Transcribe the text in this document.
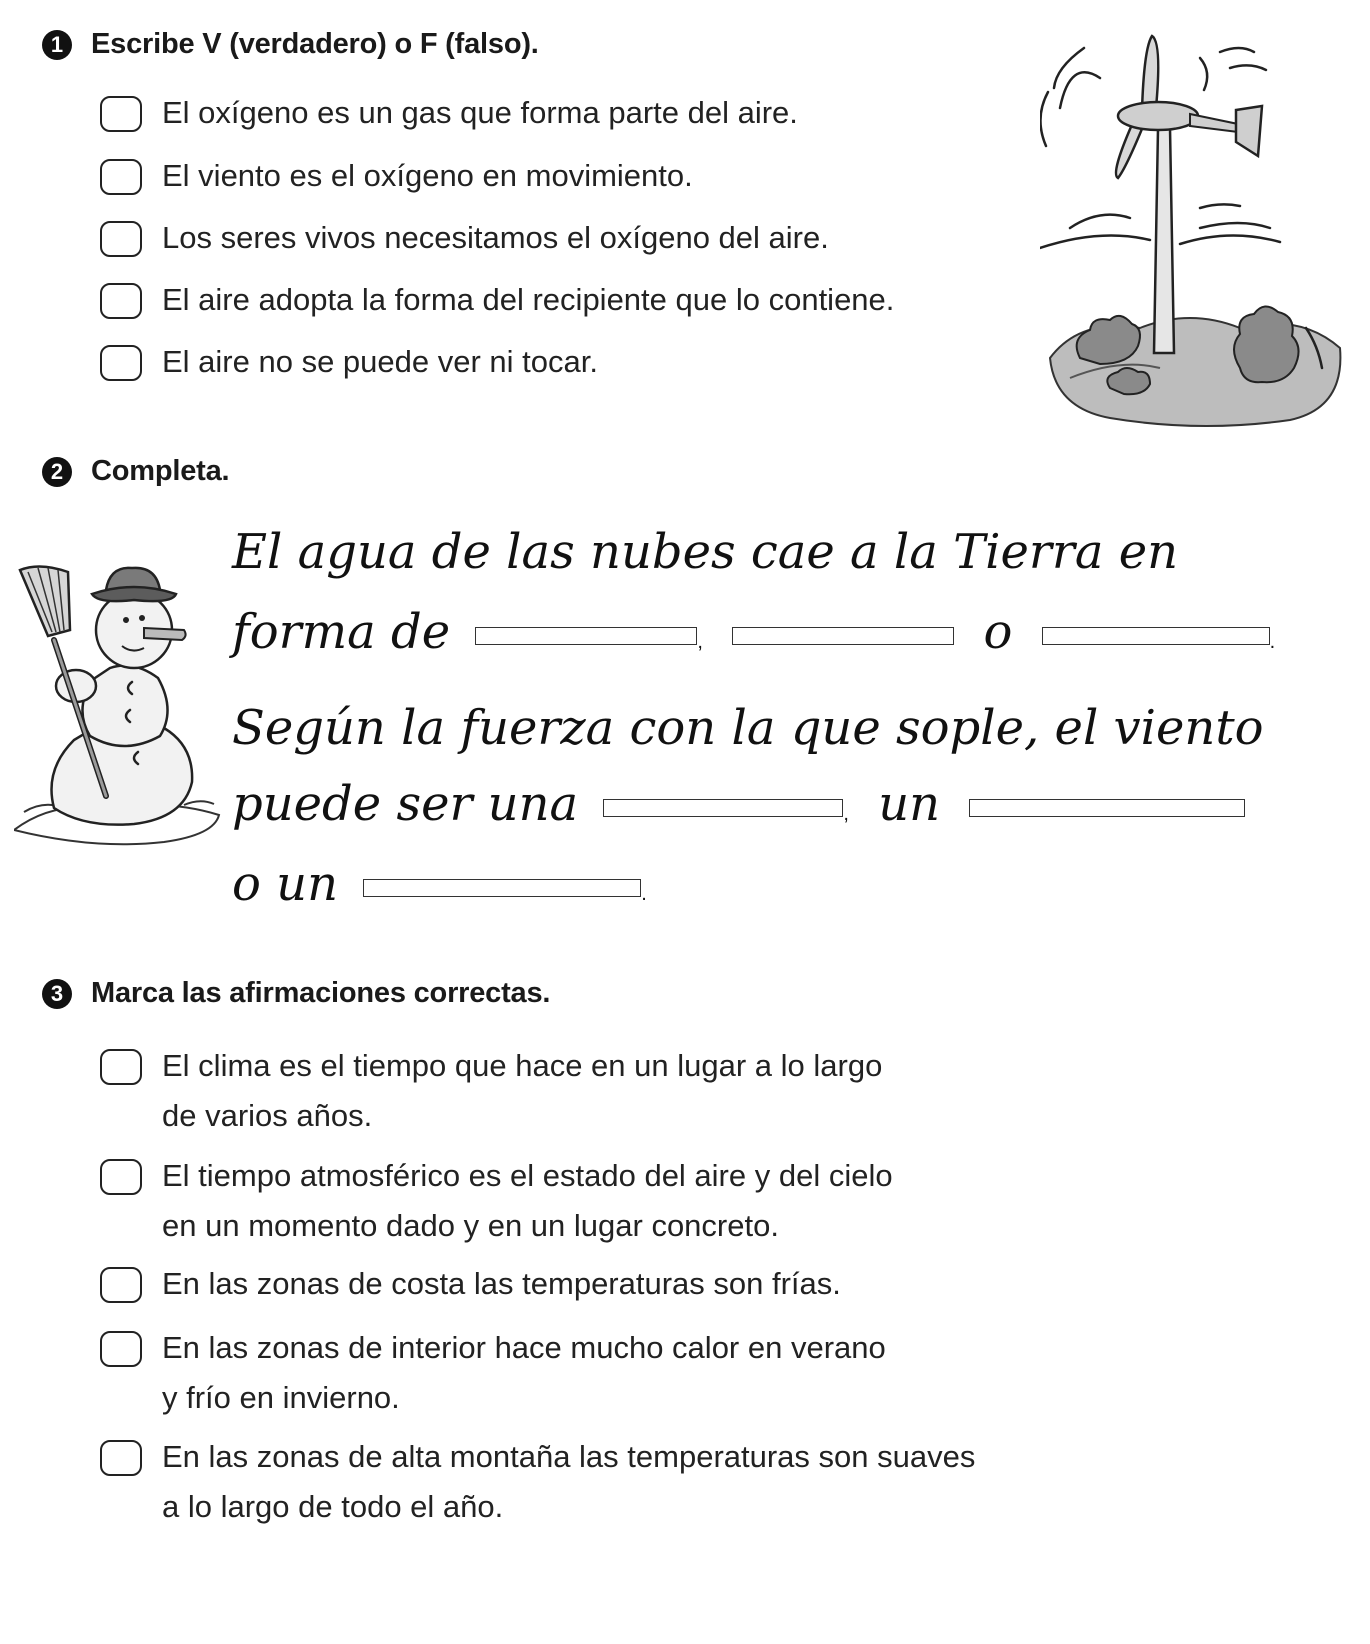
1 Escribe V (verdadero) o F (falso).
El oxígeno es un gas que forma parte del aire.
El viento es el oxígeno en movimiento.
Los seres vivos necesitamos el oxígeno del aire.
El aire adopta la forma del recipiente que lo contiene.
El aire no se puede ver ni tocar.
2 Completa.
El agua de las nubes cae a la Tierra en
forma de	,	o	.
Según la fuerza con la que sople, el viento
puede ser una	, un
o un	.
3 Marca las afirmaciones correctas.
El clima es el tiempo que hace en un lugar a lo largo
de varios años.
El tiempo atmosférico es el estado del aire y del cielo
en un momento dado y en un lugar concreto.
En las zonas de costa las temperaturas son frías.
En las zonas de interior hace mucho calor en verano
y frío en invierno.
En las zonas de alta montaña las temperaturas son suaves
a lo largo de todo el año.
